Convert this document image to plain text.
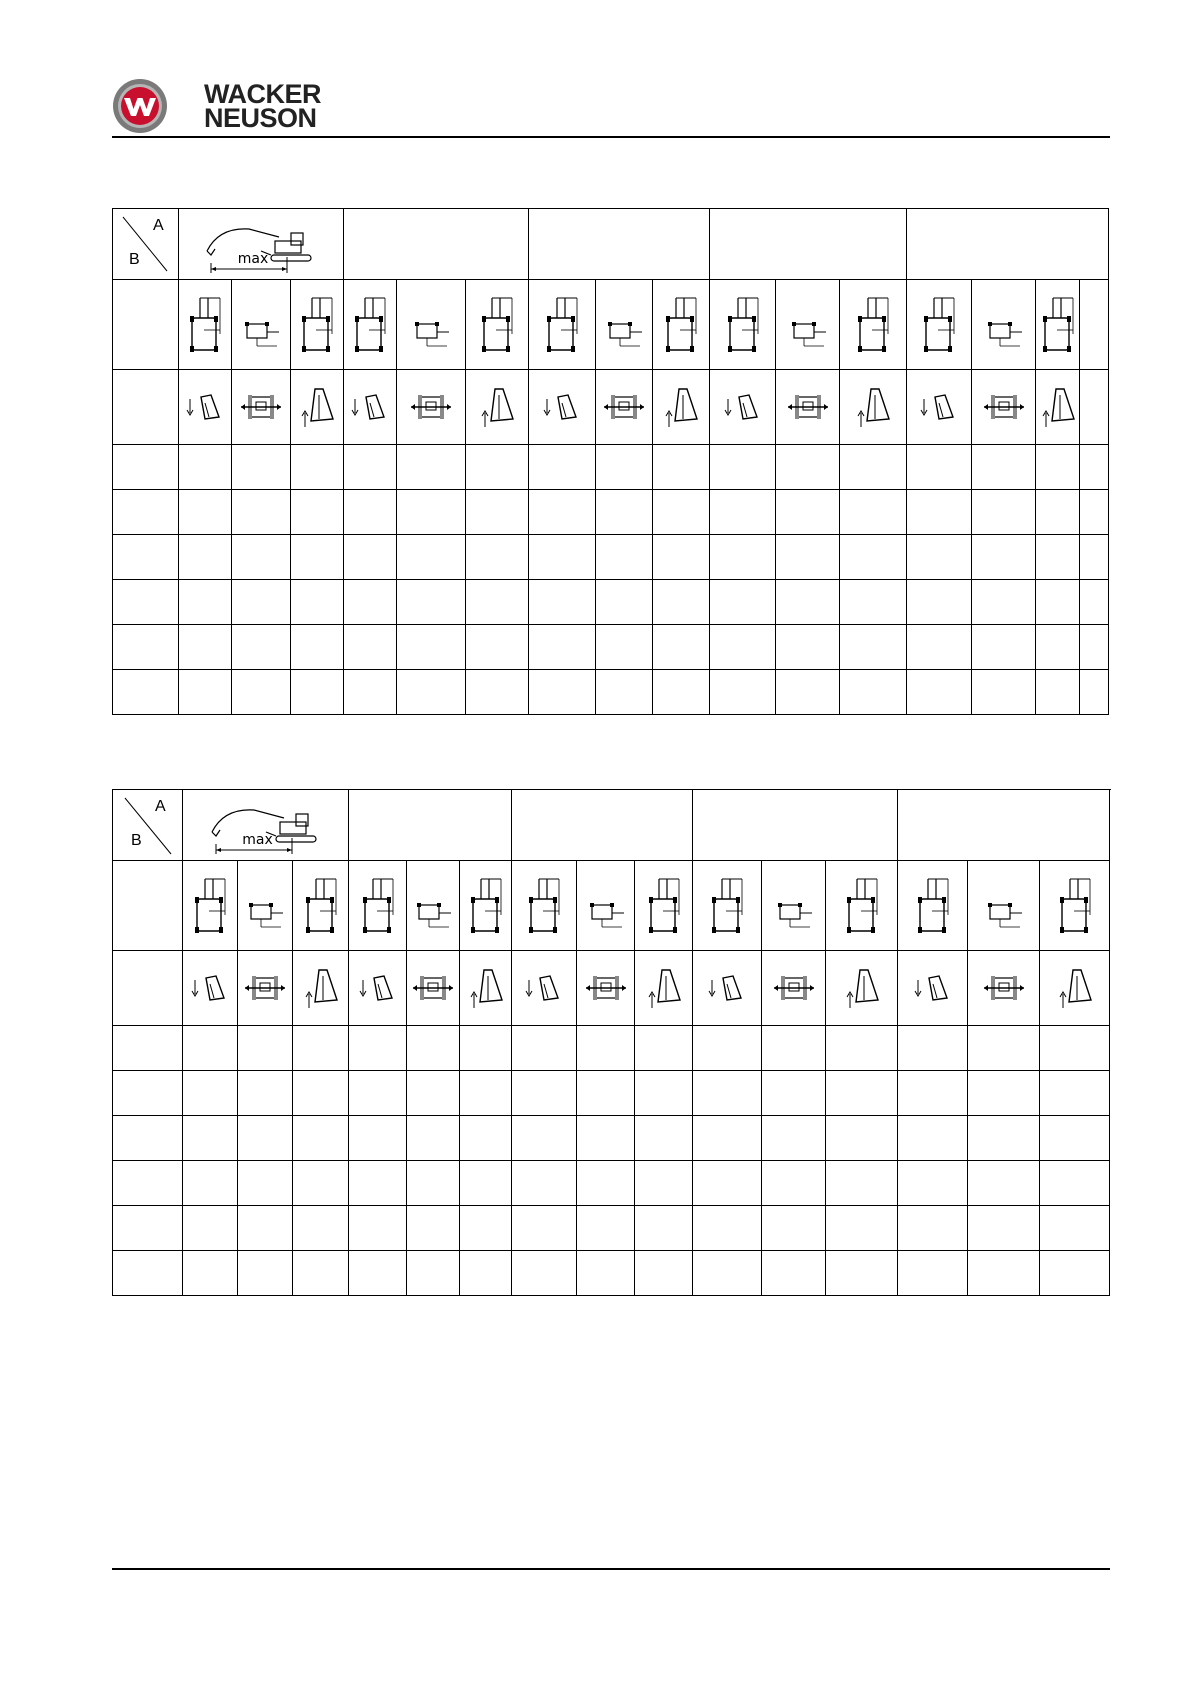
WACKER
NEUSON
A
B	max															

A
B	max															
